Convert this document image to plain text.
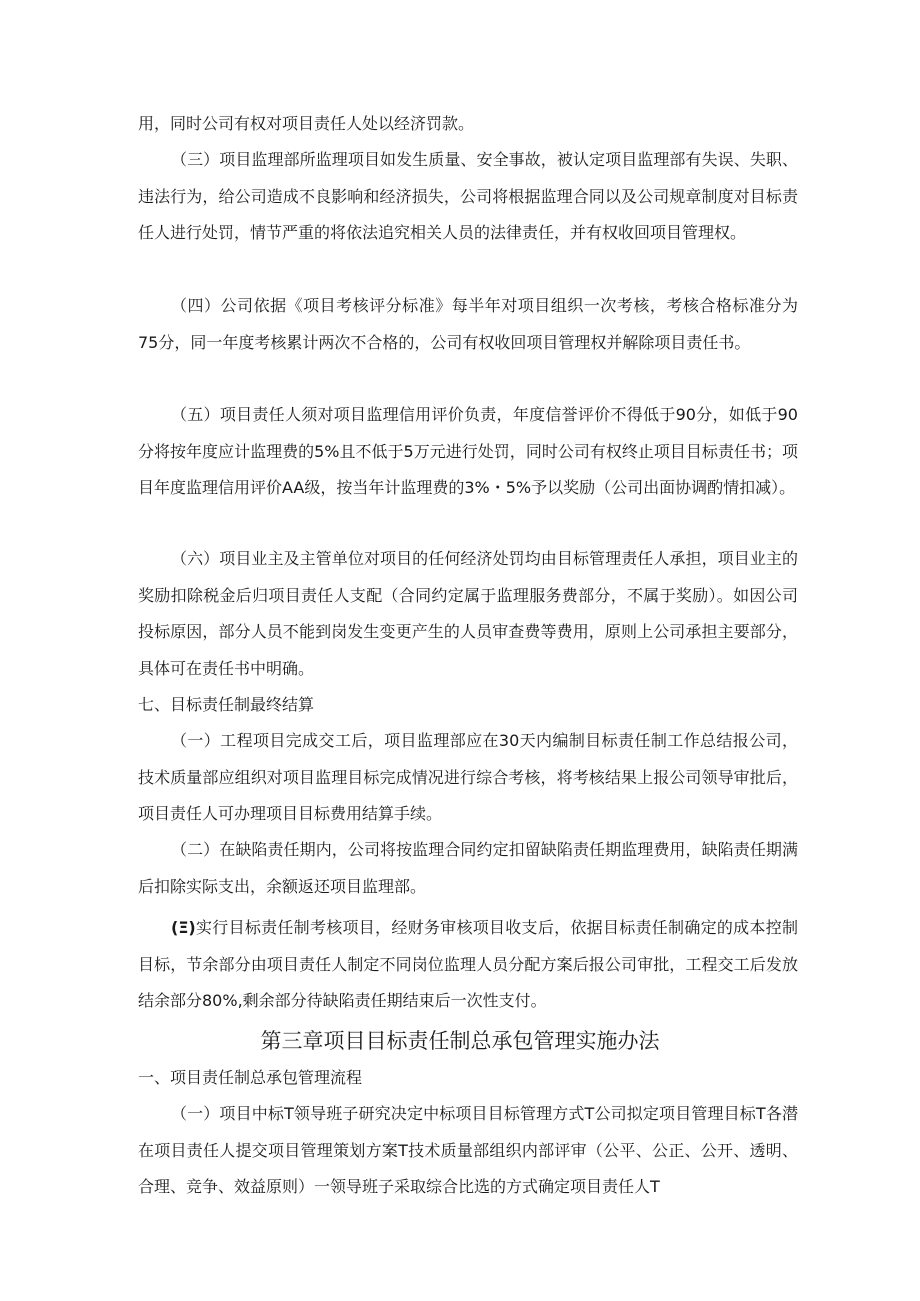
用，同时公司有权对项目责任人处以经济罚款。

（三）项目监理部所监理项目如发生质量、安全事故，被认定项目监理部有失误、失职、违法行为，给公司造成不良影响和经济损失，公司将根据监理合同以及公司规章制度对目标责任人进行处罚，情节严重的将依法追究相关人员的法律责任，并有权收回项目管理权。

（四）公司依据《项目考核评分标准》每半年对项目组织一次考核，考核合格标准分为75分，同一年度考核累计两次不合格的，公司有权收回项目管理权并解除项目责任书。

（五）项目责任人须对项目监理信用评价负责，年度信誉评价不得低于90分，如低于90分将按年度应计监理费的5%且不低于5万元进行处罚，同时公司有权终止项目目标责任书；项目年度监理信用评价AA级，按当年计监理费的3%・5%予以奖励（公司出面协调酌情扣减）。

（六）项目业主及主管单位对项目的任何经济处罚均由目标管理责任人承担，项目业主的奖励扣除税金后归项目责任人支配（合同约定属于监理服务费部分，不属于奖励）。如因公司投标原因，部分人员不能到岗发生变更产生的人员审查费等费用，原则上公司承担主要部分，具体可在责任书中明确。

七、目标责任制最终结算

（一）工程项目完成交工后，项目监理部应在30天内编制目标责任制工作总结报公司，技术质量部应组织对项目监理目标完成情况进行综合考核，将考核结果上报公司领导审批后，项目责任人可办理项目目标费用结算手续。

（二）在缺陷责任期内，公司将按监理合同约定扣留缺陷责任期监理费用，缺陷责任期满后扣除实际支出，余额返还项目监理部。

(Ξ)实行目标责任制考核项目，经财务审核项目收支后，依据目标责任制确定的成本控制目标，节余部分由项目责任人制定不同岗位监理人员分配方案后报公司审批，工程交工后发放结余部分80%,剩余部分待缺陷责任期结束后一次性支付。

第三章项目目标责任制总承包管理实施办法

一、项目责任制总承包管理流程

（一）项目中标T领导班子研究决定中标项目目标管理方式T公司拟定项目管理目标T各潜在项目责任人提交项目管理策划方案T技术质量部组织内部评审（公平、公正、公开、透明、合理、竞争、效益原则）一领导班子采取综合比选的方式确定项目责任人T
